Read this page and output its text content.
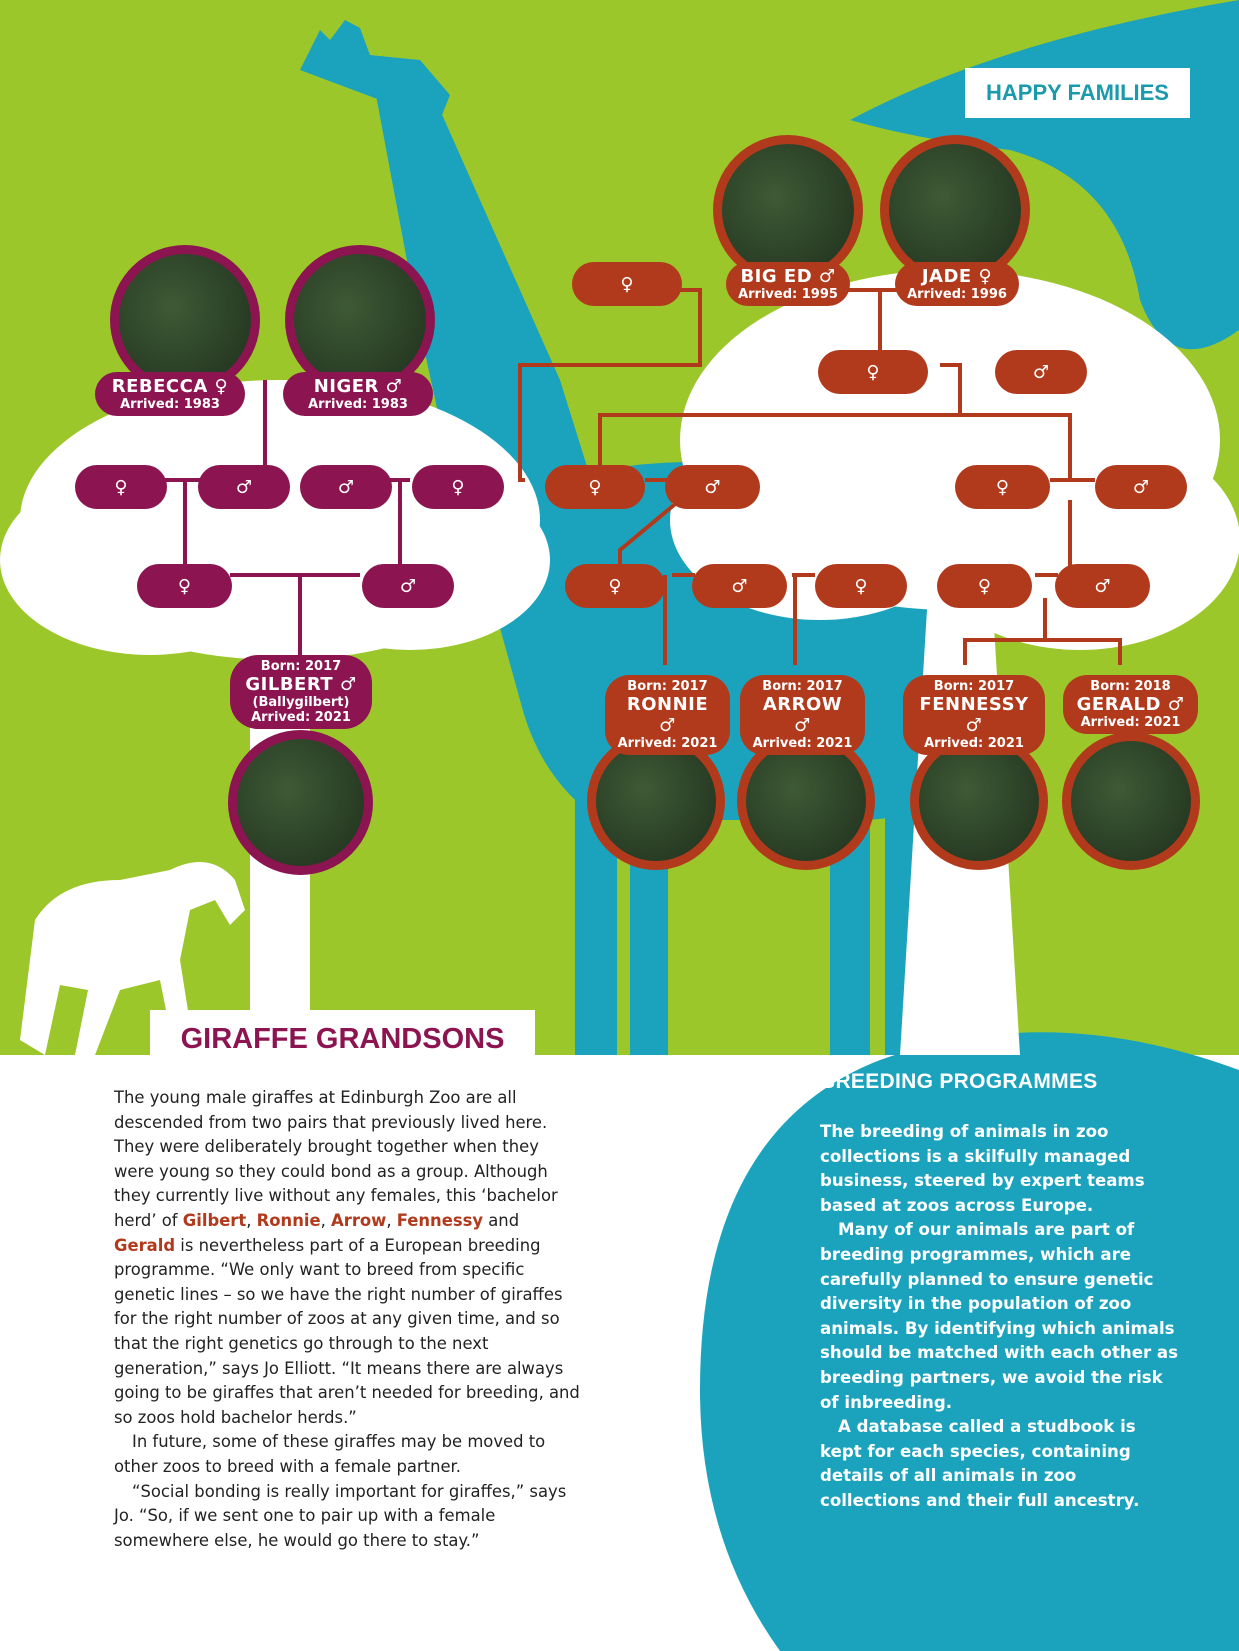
HAPPY FAMILIES
REBECCA ♀
Arrived: 1983
NIGER ♂
Arrived: 1983
BIG ED ♂
Arrived: 1995
JADE ♀
Arrived: 1996
Born: 2017
GILBERT ♂
(Ballygilbert)
Arrived: 2021
Born: 2017
RONNIE ♂
Arrived: 2021
Born: 2017
ARROW ♂
Arrived: 2021
Born: 2017
FENNESSY ♂
Arrived: 2021
Born: 2018
GERALD ♂
Arrived: 2021
♀	♂	♂	♀
♀	♂
♀
♀	♂
♀	♂	♀	♂
♀	♂	♀	♀	♂
GIRAFFE GRANDSONS

The young male giraffes at Edinburgh Zoo are all descended from two pairs that previously lived here. They were deliberately brought together when they were young so they could bond as a group. Although they currently live without any females, this ‘bachelor herd’ of Gilbert, Ronnie, Arrow, Fennessy and Gerald is nevertheless part of a European breeding programme. “We only want to breed from specific genetic lines – so we have the right number of giraffes for the right number of zoos at any given time, and so that the right genetics go through to the next generation,” says Jo Elliott. “It means there are always going to be giraffes that aren’t needed for breeding, and so zoos hold bachelor herds.”

In future, some of these giraffes may be moved to other zoos to breed with a female partner.

“Social bonding is really important for giraffes,” says Jo. “So, if we sent one to pair up with a female somewhere else, he would go there to stay.”

BREEDING PROGRAMMES

The breeding of animals in zoo collections is a skilfully managed business, steered by expert teams based at zoos across Europe.

Many of our animals are part of breeding programmes, which are carefully planned to ensure genetic diversity in the population of zoo animals. By identifying which animals should be matched with each other as breeding partners, we avoid the risk of inbreeding.

A database called a studbook is kept for each species, containing details of all animals in zoo collections and their full ancestry.
